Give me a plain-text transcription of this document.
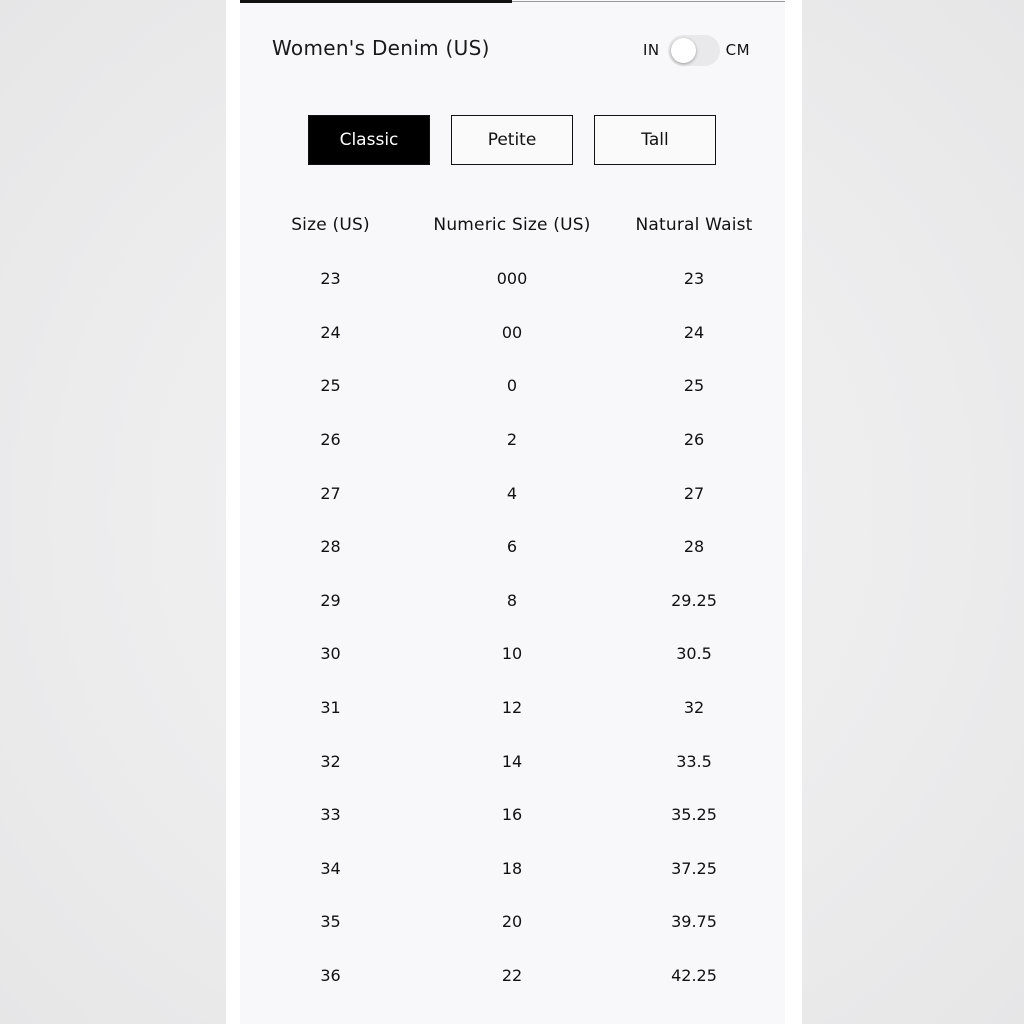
Women's Denim (US)	IN	CM
Classic	Petite	Tall
Size (US)	Numeric Size (US)	Natural Waist
23	000	23
24	00	24
25	0	25
26	2	26
27	4	27
28	6	28
29	8	29.25
30	10	30.5
31	12	32
32	14	33.5
33	16	35.25
34	18	37.25
35	20	39.75
36	22	42.25
